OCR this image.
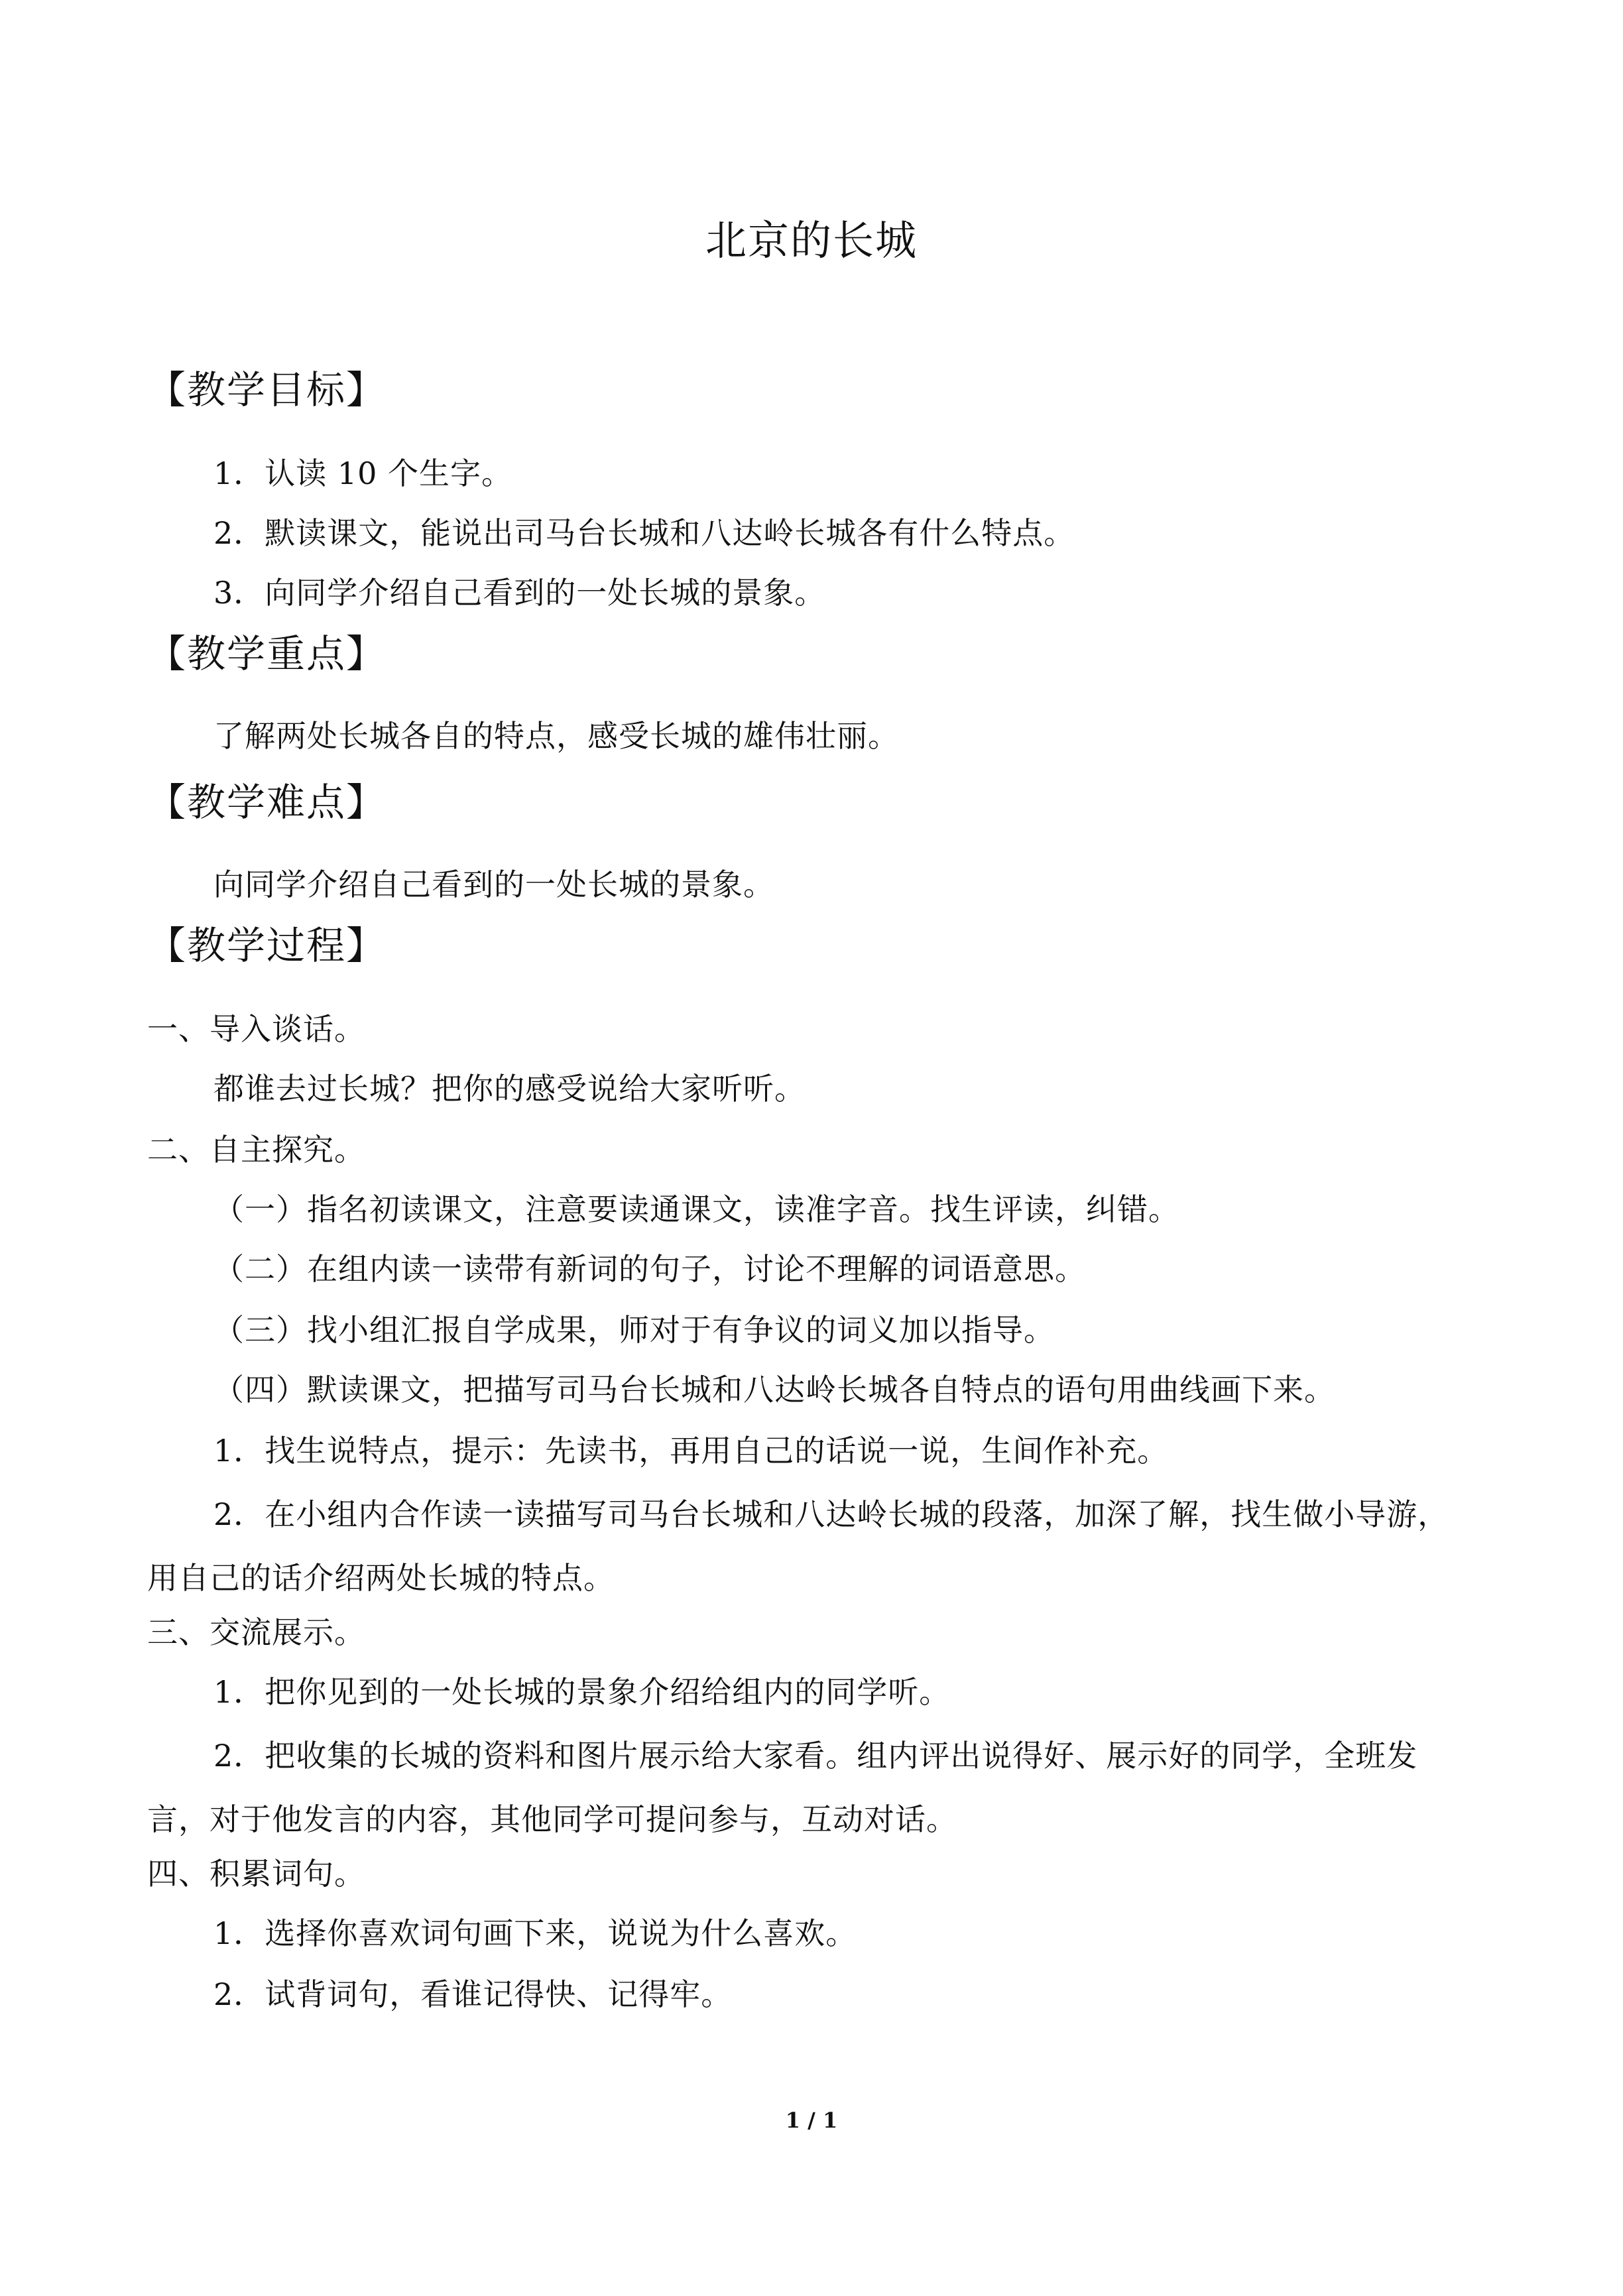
北京的长城
【教学目标】
1．认读 10 个生字。
2．默读课文，能说出司马台长城和八达岭长城各有什么特点。
3．向同学介绍自己看到的一处长城的景象。
【教学重点】
了解两处长城各自的特点，感受长城的雄伟壮丽。
【教学难点】
向同学介绍自己看到的一处长城的景象。
【教学过程】
一、导入谈话。
都谁去过长城？把你的感受说给大家听听。
二、自主探究。
（一）指名初读课文，注意要读通课文，读准字音。找生评读，纠错。
（二）在组内读一读带有新词的句子，讨论不理解的词语意思。
（三）找小组汇报自学成果，师对于有争议的词义加以指导。
（四）默读课文，把描写司马台长城和八达岭长城各自特点的语句用曲线画下来。
1．找生说特点，提示：先读书，再用自己的话说一说，生间作补充。
2．在小组内合作读一读描写司马台长城和八达岭长城的段落，加深了解，找生做小导游，用自己的话介绍两处长城的特点。
三、交流展示。
1．把你见到的一处长城的景象介绍给组内的同学听。
2．把收集的长城的资料和图片展示给大家看。组内评出说得好、展示好的同学，全班发言，对于他发言的内容，其他同学可提问参与，互动对话。
四、积累词句。
1．选择你喜欢词句画下来，说说为什么喜欢。
2．试背词句，看谁记得快、记得牢。
1 / 1
